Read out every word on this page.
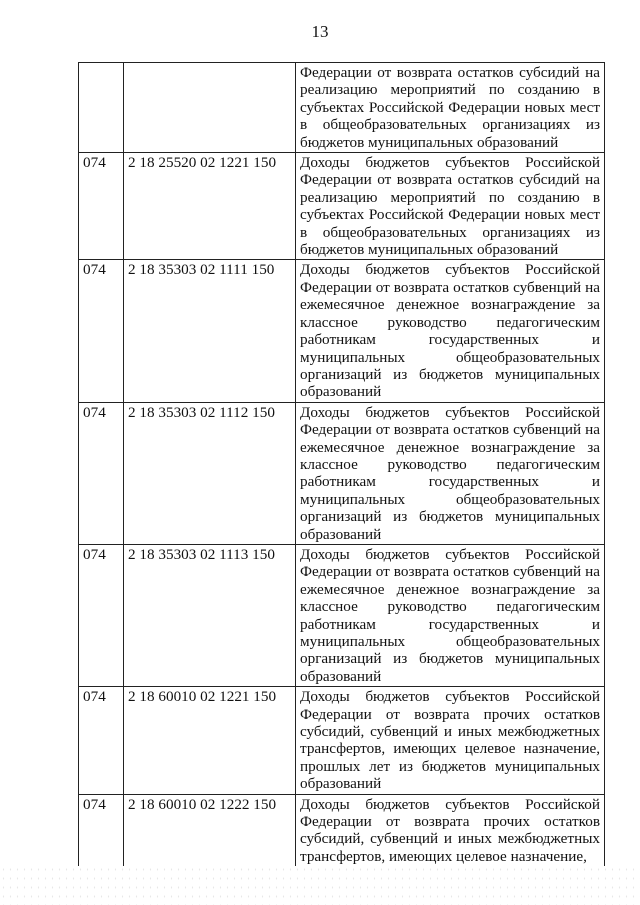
13
		Федерации от возврата остатков субсидий на реализацию мероприятий по созданию в субъектах Российской Федерации новых мест в общеобразовательных организациях из бюджетов муниципальных образований
074	2 18 25520 02 1221 150	Доходы бюджетов субъектов Российской Федерации от возврата остатков субсидий на реализацию мероприятий по созданию в субъектах Российской Федерации новых мест в общеобразовательных организациях из бюджетов муниципальных образований
074	2 18 35303 02 1111 150	Доходы бюджетов субъектов Российской Федерации от возврата остатков субвенций на ежемесячное денежное вознаграждение за классное руководство педагогическим работникам государственных и муниципальных общеобразовательных организаций из бюджетов муниципальных образований
074	2 18 35303 02 1112 150	Доходы бюджетов субъектов Российской Федерации от возврата остатков субвенций на ежемесячное денежное вознаграждение за классное руководство педагогическим работникам государственных и муниципальных общеобразовательных организаций из бюджетов муниципальных образований
074	2 18 35303 02 1113 150	Доходы бюджетов субъектов Российской Федерации от возврата остатков субвенций на ежемесячное денежное вознаграждение за классное руководство педагогическим работникам государственных и муниципальных общеобразовательных организаций из бюджетов муниципальных образований
074	2 18 60010 02 1221 150	Доходы бюджетов субъектов Российской Федерации от возврата прочих остатков субсидий, субвенций и иных межбюджетных трансфертов, имеющих целевое назначение, прошлых лет из бюджетов муниципальных образований
074	2 18 60010 02 1222 150	Доходы бюджетов субъектов Российской Федерации от возврата прочих остатков субсидий, субвенций и иных межбюджетных трансфертов, имеющих целевое назначение,
